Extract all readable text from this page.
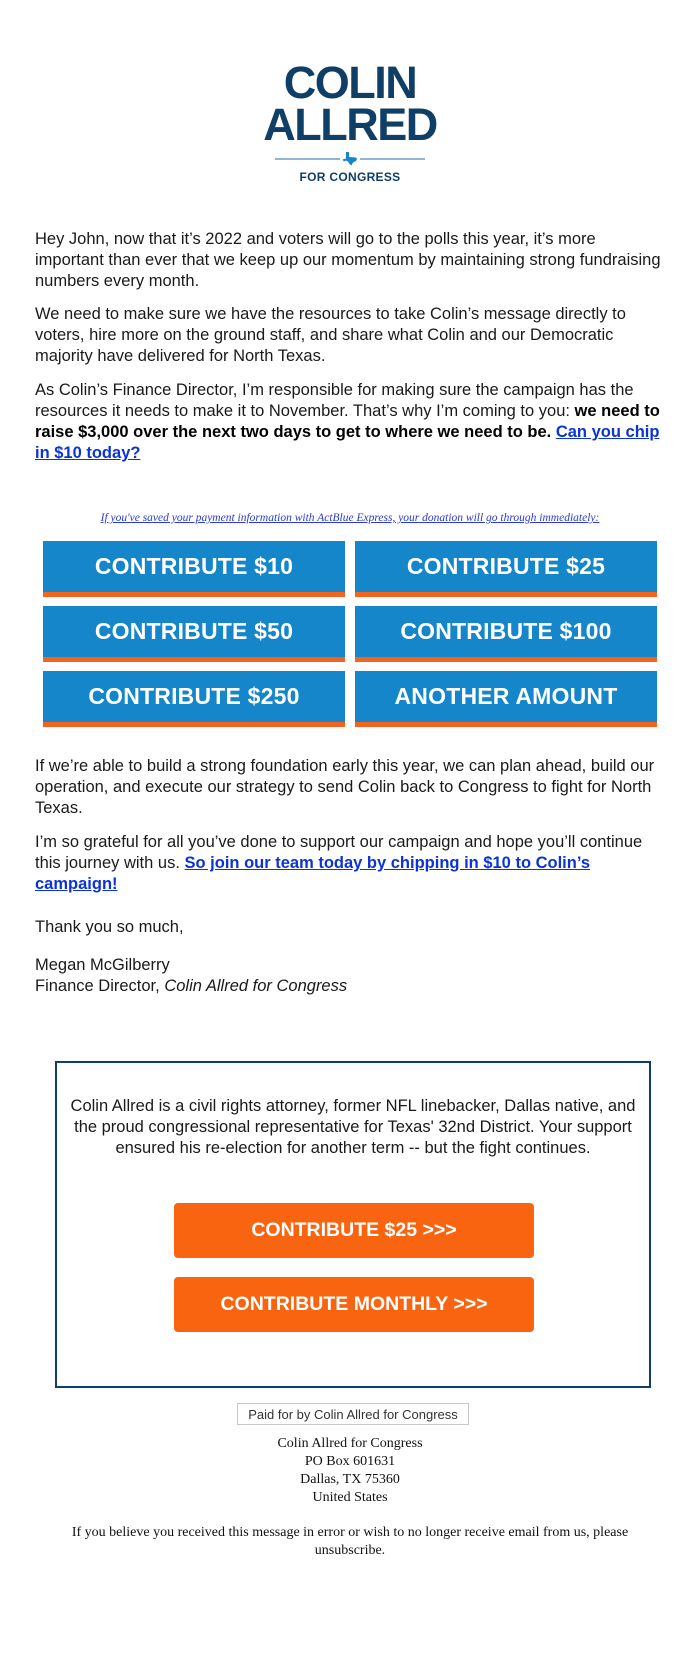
COLIN
ALLRED
FOR CONGRESS

Hey John, now that it’s 2022 and voters will go to the polls this year, it’s more important than ever that we keep up our momentum by maintaining strong fundraising numbers every month.

We need to make sure we have the resources to take Colin’s message directly to voters, hire more on the ground staff, and share what Colin and our Democratic majority have delivered for North Texas.

As Colin’s Finance Director, I’m responsible for making sure the campaign has the resources it needs to make it to November. That’s why I’m coming to you: we need to raise $3,000 over the next two days to get to where we need to be. Can you chip in $10 today?

If you've saved your payment information with ActBlue Express, your donation will go through immediately:
CONTRIBUTE $10	CONTRIBUTE $25
CONTRIBUTE $50	CONTRIBUTE $100
CONTRIBUTE $250	ANOTHER AMOUNT

If we’re able to build a strong foundation early this year, we can plan ahead, build our operation, and execute our strategy to send Colin back to Congress to fight for North Texas.

I’m so grateful for all you’ve done to support our campaign and hope you’ll continue this journey with us. So join our team today by chipping in $10 to Colin’s campaign!

Thank you so much,

Megan McGilberry

Finance Director, Colin Allred for Congress

Colin Allred is a civil rights attorney, former NFL linebacker, Dallas native, and the proud congressional representative for Texas' 32nd District. Your support ensured his re-election for another term -- but the fight continues.

CONTRIBUTE $25 >>>
CONTRIBUTE MONTHLY >>>
Paid for by Colin Allred for Congress
Colin Allred for Congress
PO Box 601631
Dallas, TX 75360
United States
If you believe you received this message in error or wish to no longer receive email from us, please unsubscribe.
